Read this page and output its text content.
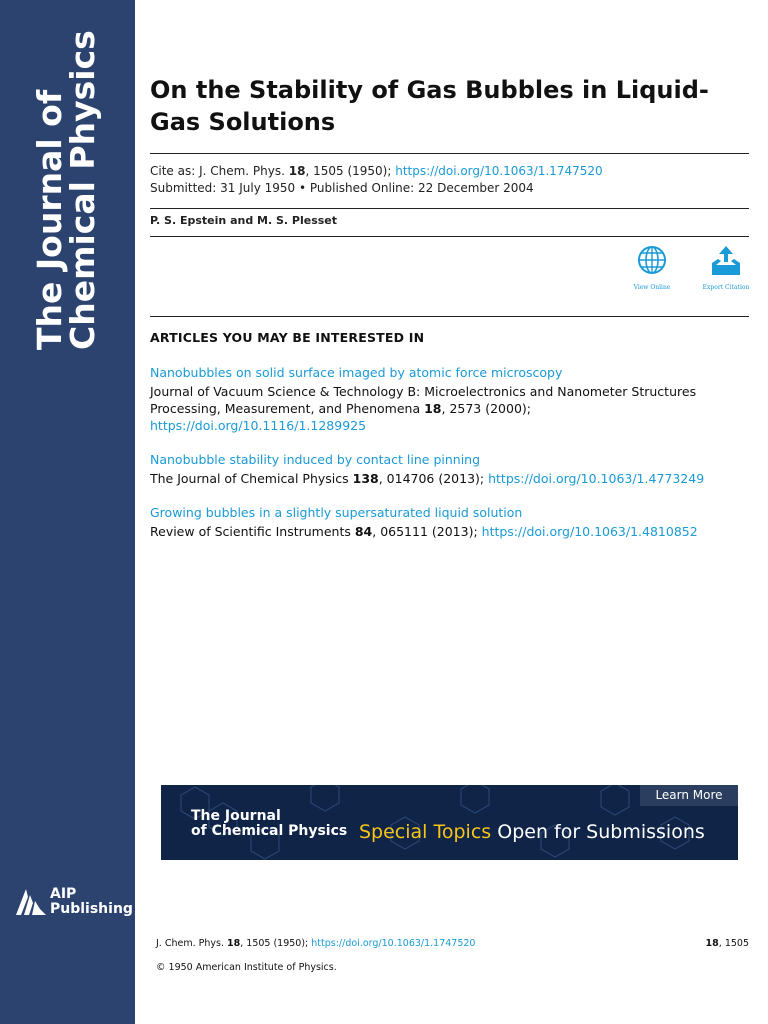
The Journal of
Chemical Physics
AIP
Publishing
On the Stability of Gas Bubbles in Liquid-Gas Solutions
Cite as: J. Chem. Phys. 18, 1505 (1950); https://doi.org/10.1063/1.1747520
Submitted: 31 July 1950 • Published Online: 22 December 2004
P. S. Epstein and M. S. Plesset
View Online	Export Citation
ARTICLES YOU MAY BE INTERESTED IN
Nanobubbles on solid surface imaged by atomic force microscopy
Journal of Vacuum Science & Technology B: Microelectronics and Nanometer Structures Processing, Measurement, and Phenomena 18, 2573 (2000); https://doi.org/10.1116/1.1289925
Nanobubble stability induced by contact line pinning
The Journal of Chemical Physics 138, 014706 (2013); https://doi.org/10.1063/1.4773249
Growing bubbles in a slightly supersaturated liquid solution
Review of Scientific Instruments 84, 065111 (2013); https://doi.org/10.1063/1.4810852
Learn More
The Journal
of Chemical Physics Special Topics Open for Submissions
J. Chem. Phys. 18, 1505 (1950); https://doi.org/10.1063/1.1747520	18, 1505
© 1950 American Institute of Physics.
